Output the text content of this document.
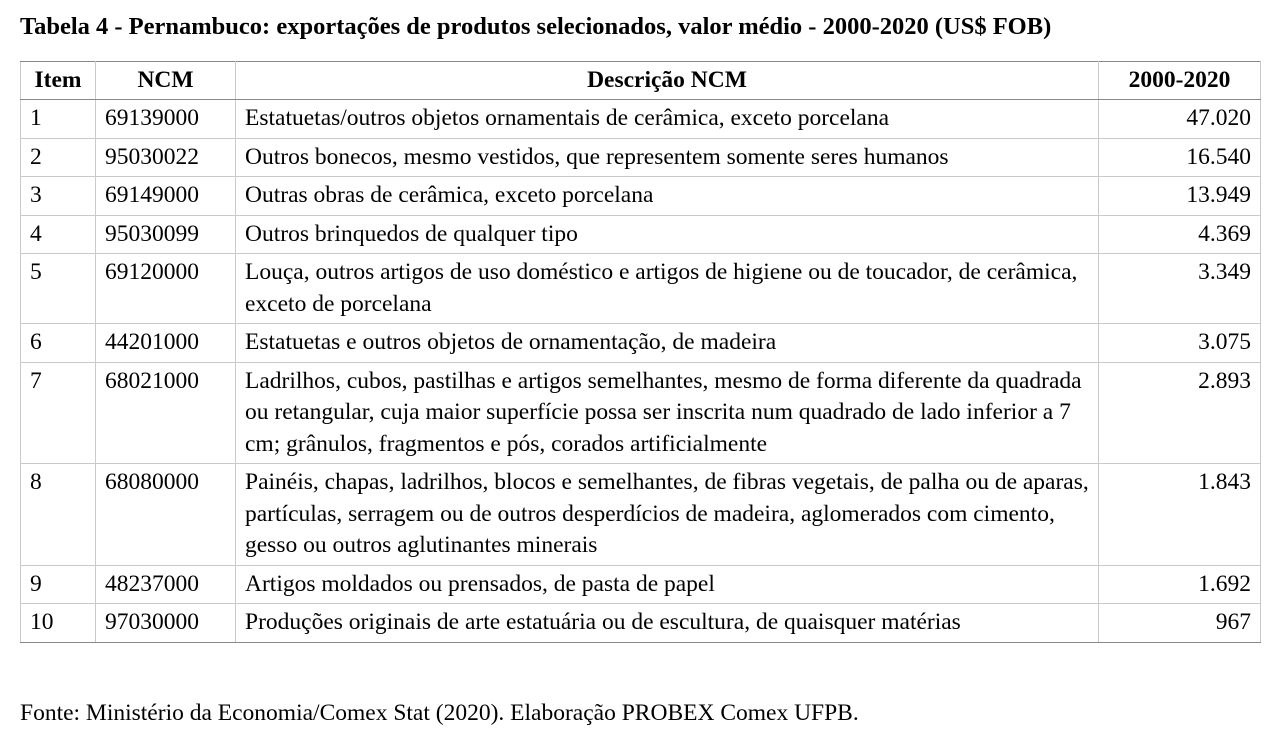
Tabela 4 - Pernambuco: exportações de produtos selecionados, valor médio - 2000-2020 (US$ FOB)
Item	NCM	Descrição NCM	2000-2020
1	69139000	Estatuetas/outros objetos ornamentais de cerâmica, exceto porcelana	47.020
2	95030022	Outros bonecos, mesmo vestidos, que representem somente seres humanos	16.540
3	69149000	Outras obras de cerâmica, exceto porcelana	13.949
4	95030099	Outros brinquedos de qualquer tipo	4.369
5	69120000	Louça, outros artigos de uso doméstico e artigos de higiene ou de toucador, de cerâmica, exceto de porcelana	3.349
6	44201000	Estatuetas e outros objetos de ornamentação, de madeira	3.075
7	68021000	Ladrilhos, cubos, pastilhas e artigos semelhantes, mesmo de forma diferente da quadrada ou retangular, cuja maior superfície possa ser inscrita num quadrado de lado inferior a 7 cm; grânulos, fragmentos e pós, corados artificialmente	2.893
8	68080000	Painéis, chapas, ladrilhos, blocos e semelhantes, de fibras vegetais, de palha ou de aparas, partículas, serragem ou de outros desperdícios de madeira, aglomerados com cimento, gesso ou outros aglutinantes minerais	1.843
9	48237000	Artigos moldados ou prensados, de pasta de papel	1.692
10	97030000	Produções originais de arte estatuária ou de escultura, de quaisquer matérias	967
Fonte: Ministério da Economia/Comex Stat (2020). Elaboração PROBEX Comex UFPB.
